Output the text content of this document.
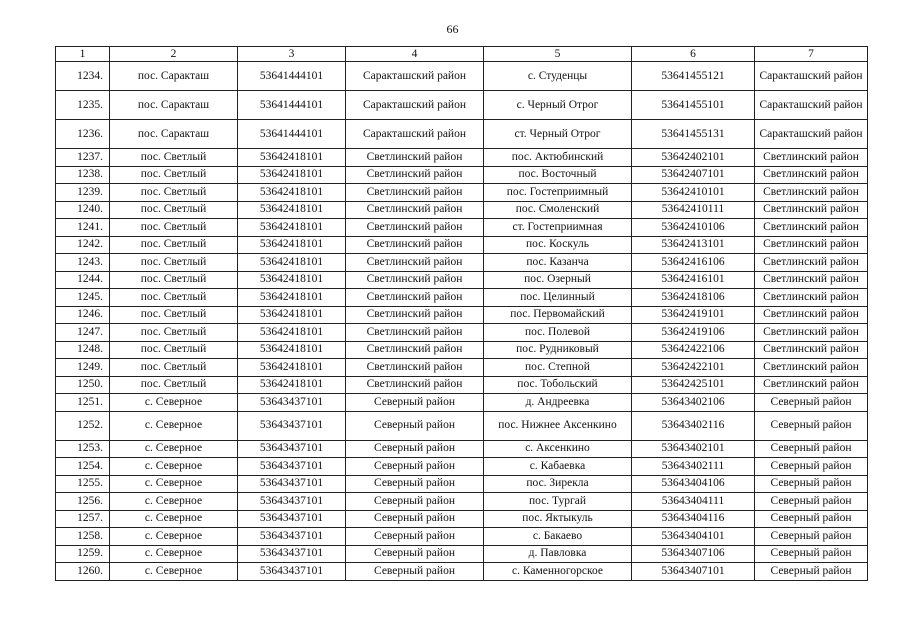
66
1	2	3	4	5	6	7
1234.	пос. Саракташ	53641444101	Саракташский район	с. Студенцы	53641455121	Саракташский район
1235.	пос. Саракташ	53641444101	Саракташский район	с. Черный Отрог	53641455101	Саракташский район
1236.	пос. Саракташ	53641444101	Саракташский район	ст. Черный Отрог	53641455131	Саракташский район
1237.	пос. Светлый	53642418101	Светлинский район	пос. Актюбинский	53642402101	Светлинский район
1238.	пос. Светлый	53642418101	Светлинский район	пос. Восточный	53642407101	Светлинский район
1239.	пос. Светлый	53642418101	Светлинский район	пос. Гостеприимный	53642410101	Светлинский район
1240.	пос. Светлый	53642418101	Светлинский район	пос. Смоленский	53642410111	Светлинский район
1241.	пос. Светлый	53642418101	Светлинский район	ст. Гостеприимная	53642410106	Светлинский район
1242.	пос. Светлый	53642418101	Светлинский район	пос. Коскуль	53642413101	Светлинский район
1243.	пос. Светлый	53642418101	Светлинский район	пос. Казанча	53642416106	Светлинский район
1244.	пос. Светлый	53642418101	Светлинский район	пос. Озерный	53642416101	Светлинский район
1245.	пос. Светлый	53642418101	Светлинский район	пос. Целинный	53642418106	Светлинский район
1246.	пос. Светлый	53642418101	Светлинский район	пос. Первомайский	53642419101	Светлинский район
1247.	пос. Светлый	53642418101	Светлинский район	пос. Полевой	53642419106	Светлинский район
1248.	пос. Светлый	53642418101	Светлинский район	пос. Рудниковый	53642422106	Светлинский район
1249.	пос. Светлый	53642418101	Светлинский район	пос. Степной	53642422101	Светлинский район
1250.	пос. Светлый	53642418101	Светлинский район	пос. Тобольский	53642425101	Светлинский район
1251.	с. Северное	53643437101	Северный район	д. Андреевка	53643402106	Северный район
1252.	с. Северное	53643437101	Северный район	пос. Нижнее Аксенкино	53643402116	Северный район
1253.	с. Северное	53643437101	Северный район	с. Аксенкино	53643402101	Северный район
1254.	с. Северное	53643437101	Северный район	с. Кабаевка	53643402111	Северный район
1255.	с. Северное	53643437101	Северный район	пос. Зирекла	53643404106	Северный район
1256.	с. Северное	53643437101	Северный район	пос. Тургай	53643404111	Северный район
1257.	с. Северное	53643437101	Северный район	пос. Яктыкуль	53643404116	Северный район
1258.	с. Северное	53643437101	Северный район	с. Бакаево	53643404101	Северный район
1259.	с. Северное	53643437101	Северный район	д. Павловка	53643407106	Северный район
1260.	с. Северное	53643437101	Северный район	с. Каменногорское	53643407101	Северный район
